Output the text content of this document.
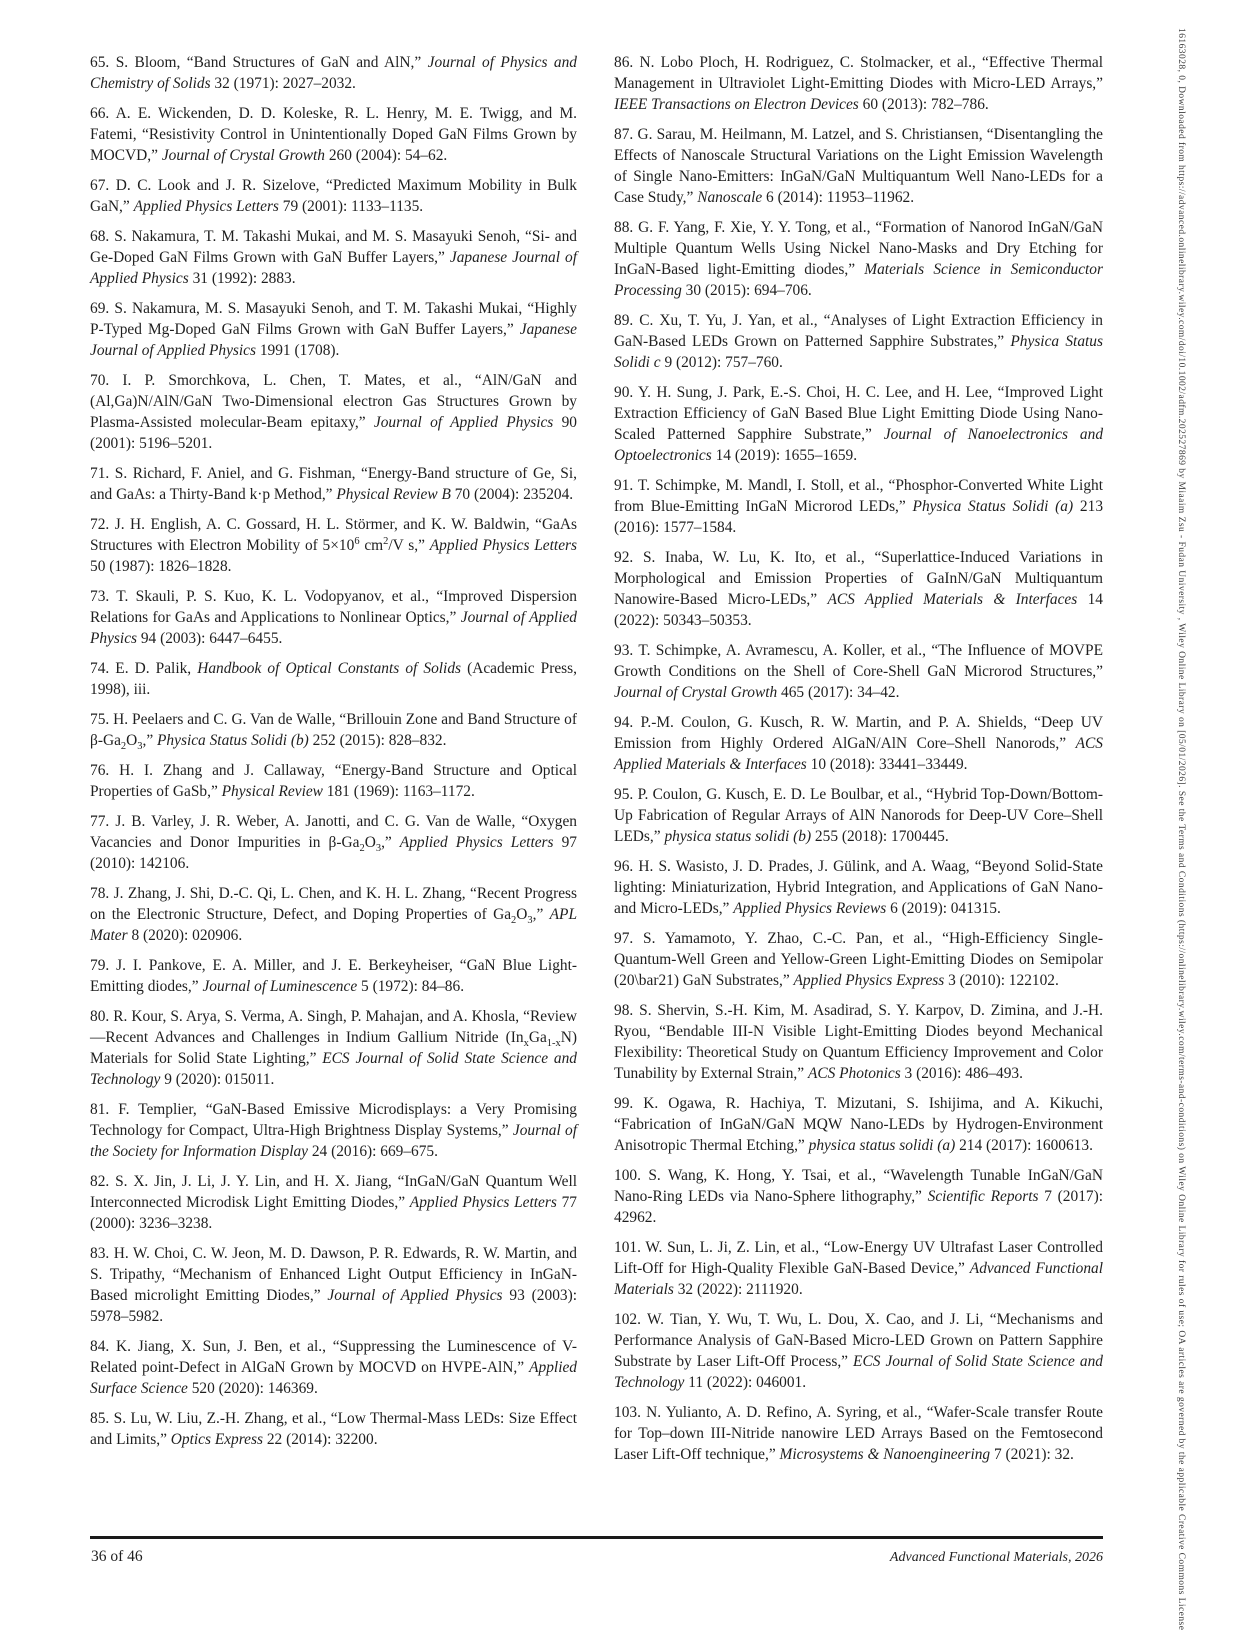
65. S. Bloom, “Band Structures of GaN and AlN,” Journal of Physics and Chemistry of Solids 32 (1971): 2027–2032.

66. A. E. Wickenden, D. D. Koleske, R. L. Henry, M. E. Twigg, and M. Fatemi, “Resistivity Control in Unintentionally Doped GaN Films Grown by MOCVD,” Journal of Crystal Growth 260 (2004): 54–62.

67. D. C. Look and J. R. Sizelove, “Predicted Maximum Mobility in Bulk GaN,” Applied Physics Letters 79 (2001): 1133–1135.

68. S. Nakamura, T. M. Takashi Mukai, and M. S. Masayuki Senoh, “Si- and Ge-Doped GaN Films Grown with GaN Buffer Layers,” Japanese Journal of Applied Physics 31 (1992): 2883.

69. S. Nakamura, M. S. Masayuki Senoh, and T. M. Takashi Mukai, “Highly P-Typed Mg-Doped GaN Films Grown with GaN Buffer Layers,” Japanese Journal of Applied Physics 1991 (1708).

70. I. P. Smorchkova, L. Chen, T. Mates, et al., “AlN/GaN and (Al,Ga)N/AlN/GaN Two-Dimensional electron Gas Structures Grown by Plasma-Assisted molecular-Beam epitaxy,” Journal of Applied Physics 90 (2001): 5196–5201.

71. S. Richard, F. Aniel, and G. Fishman, “Energy-Band structure of Ge, Si, and GaAs: a Thirty-Band k·p Method,” Physical Review B 70 (2004): 235204.

72. J. H. English, A. C. Gossard, H. L. Störmer, and K. W. Baldwin, “GaAs Structures with Electron Mobility of $5\times 10^6$ $cm^2/V$ s,” Applied Physics Letters 50 (1987): 1826–1828.

73. T. Skauli, P. S. Kuo, K. L. Vodopyanov, et al., “Improved Dispersion Relations for GaAs and Applications to Nonlinear Optics,” Journal of Applied Physics 94 (2003): 6447–6455.

74. E. D. Palik, Handbook of Optical Constants of Solids (Academic Press, 1998), iii.

75. H. Peelaers and C. G. Van de Walle, “Brillouin Zone and Band Structure of $\beta-Ga_2O_3$,” Physica Status Solidi (b) 252 (2015): 828–832.

76. H. I. Zhang and J. Callaway, “Energy-Band Structure and Optical Properties of GaSb,” Physical Review 181 (1969): 1163–1172.

77. J. B. Varley, J. R. Weber, A. Janotti, and C. G. Van de Walle, “Oxygen Vacancies and Donor Impurities in $\beta-Ga_2O_3$,” Applied Physics Letters 97 (2010): 142106.

78. J. Zhang, J. Shi, D.-C. Qi, L. Chen, and K. H. L. Zhang, “Recent Progress on the Electronic Structure, Defect, and Doping Properties of $Ga_2O_3$,” APL Mater 8 (2020): 020906.

79. J. I. Pankove, E. A. Miller, and J. E. Berkeyheiser, “GaN Blue Light-Emitting diodes,” Journal of Luminescence 5 (1972): 84–86.

80. R. Kour, S. Arya, S. Verma, A. Singh, P. Mahajan, and A. Khosla, “Review—Recent Advances and Challenges in Indium Gallium Nitride $(In_xGa_{1-x}N)$ Materials for Solid State Lighting,” ECS Journal of Solid State Science and Technology 9 (2020): 015011.

81. F. Templier, “GaN-Based Emissive Microdisplays: a Very Promising Technology for Compact, Ultra-High Brightness Display Systems,” Journal of the Society for Information Display 24 (2016): 669–675.

82. S. X. Jin, J. Li, J. Y. Lin, and H. X. Jiang, “InGaN/GaN Quantum Well Interconnected Microdisk Light Emitting Diodes,” Applied Physics Letters 77 (2000): 3236–3238.

83. H. W. Choi, C. W. Jeon, M. D. Dawson, P. R. Edwards, R. W. Martin, and S. Tripathy, “Mechanism of Enhanced Light Output Efficiency in InGaN-Based microlight Emitting Diodes,” Journal of Applied Physics 93 (2003): 5978–5982.

84. K. Jiang, X. Sun, J. Ben, et al., “Suppressing the Luminescence of V-Related point-Defect in AlGaN Grown by MOCVD on HVPE-AlN,” Applied Surface Science 520 (2020): 146369.

85. S. Lu, W. Liu, Z.-H. Zhang, et al., “Low Thermal-Mass LEDs: Size Effect and Limits,” Optics Express 22 (2014): 32200.

86. N. Lobo Ploch, H. Rodriguez, C. Stolmacker, et al., “Effective Thermal Management in Ultraviolet Light-Emitting Diodes with Micro-LED Arrays,” IEEE Transactions on Electron Devices 60 (2013): 782–786.

87. G. Sarau, M. Heilmann, M. Latzel, and S. Christiansen, “Disentangling the Effects of Nanoscale Structural Variations on the Light Emission Wavelength of Single Nano-Emitters: InGaN/GaN Multiquantum Well Nano-LEDs for a Case Study,” Nanoscale 6 (2014): 11953–11962.

88. G. F. Yang, F. Xie, Y. Y. Tong, et al., “Formation of Nanorod InGaN/GaN Multiple Quantum Wells Using Nickel Nano-Masks and Dry Etching for InGaN-Based light-Emitting diodes,” Materials Science in Semiconductor Processing 30 (2015): 694–706.

89. C. Xu, T. Yu, J. Yan, et al., “Analyses of Light Extraction Efficiency in GaN-Based LEDs Grown on Patterned Sapphire Substrates,” Physica Status Solidi c 9 (2012): 757–760.

90. Y. H. Sung, J. Park, E.-S. Choi, H. C. Lee, and H. Lee, “Improved Light Extraction Efficiency of GaN Based Blue Light Emitting Diode Using Nano-Scaled Patterned Sapphire Substrate,” Journal of Nanoelectronics and Optoelectronics 14 (2019): 1655–1659.

91. T. Schimpke, M. Mandl, I. Stoll, et al., “Phosphor-Converted White Light from Blue-Emitting InGaN Microrod LEDs,” Physica Status Solidi (a) 213 (2016): 1577–1584.

92. S. Inaba, W. Lu, K. Ito, et al., “Superlattice-Induced Variations in Morphological and Emission Properties of GaInN/GaN Multiquantum Nanowire-Based Micro-LEDs,” ACS Applied Materials & Interfaces 14 (2022): 50343–50353.

93. T. Schimpke, A. Avramescu, A. Koller, et al., “The Influence of MOVPE Growth Conditions on the Shell of Core-Shell GaN Microrod Structures,” Journal of Crystal Growth 465 (2017): 34–42.

94. P.-M. Coulon, G. Kusch, R. W. Martin, and P. A. Shields, “Deep UV Emission from Highly Ordered AlGaN/AlN Core–Shell Nanorods,” ACS Applied Materials & Interfaces 10 (2018): 33441–33449.

95. P. Coulon, G. Kusch, E. D. Le Boulbar, et al., “Hybrid Top-Down/Bottom-Up Fabrication of Regular Arrays of AlN Nanorods for Deep-UV Core–Shell LEDs,” physica status solidi (b) 255 (2018): 1700445.

96. H. S. Wasisto, J. D. Prades, J. Gülink, and A. Waag, “Beyond Solid-State lighting: Miniaturization, Hybrid Integration, and Applications of GaN Nano- and Micro-LEDs,” Applied Physics Reviews 6 (2019): 041315.

97. S. Yamamoto, Y. Zhao, C.-C. Pan, et al., “High-Efficiency Single-Quantum-Well Green and Yellow-Green Light-Emitting Diodes on Semipolar (20\bar21) GaN Substrates,” Applied Physics Express 3 (2010): 122102.

98. S. Shervin, S.-H. Kim, M. Asadirad, S. Y. Karpov, D. Zimina, and J.-H. Ryou, “Bendable III-N Visible Light-Emitting Diodes beyond Mechanical Flexibility: Theoretical Study on Quantum Efficiency Improvement and Color Tunability by External Strain,” ACS Photonics 3 (2016): 486–493.

99. K. Ogawa, R. Hachiya, T. Mizutani, S. Ishijima, and A. Kikuchi, “Fabrication of InGaN/GaN MQW Nano-LEDs by Hydrogen-Environment Anisotropic Thermal Etching,” physica status solidi (a) 214 (2017): 1600613.

100. S. Wang, K. Hong, Y. Tsai, et al., “Wavelength Tunable InGaN/GaN Nano-Ring LEDs via Nano-Sphere lithography,” Scientific Reports 7 (2017): 42962.

101. W. Sun, L. Ji, Z. Lin, et al., “Low-Energy UV Ultrafast Laser Controlled Lift-Off for High-Quality Flexible GaN-Based Device,” Advanced Functional Materials 32 (2022): 2111920.

102. W. Tian, Y. Wu, T. Wu, L. Dou, X. Cao, and J. Li, “Mechanisms and Performance Analysis of GaN-Based Micro-LED Grown on Pattern Sapphire Substrate by Laser Lift-Off Process,” ECS Journal of Solid State Science and Technology 11 (2022): 046001.

103. N. Yulianto, A. D. Refino, A. Syring, et al., “Wafer-Scale transfer Route for Top–down III-Nitride nanowire LED Arrays Based on the Femtosecond Laser Lift-Off technique,” Microsystems & Nanoengineering 7 (2021): 32.

36 of 46	Advanced Functional Materials, 2026	16163028, 0, Downloaded from https://advanced.onlinelibrary.wiley.com/doi/10.1002/adfm.202527869 by Miaaim Zsu - Fudan University , Wiley Online Library on [05/01/2026]. See the Terms and Conditions (https://onlinelibrary.wiley.com/terms-and-conditions) on Wiley Online Library for rules of use; OA articles are governed by the applicable Creative Commons License
